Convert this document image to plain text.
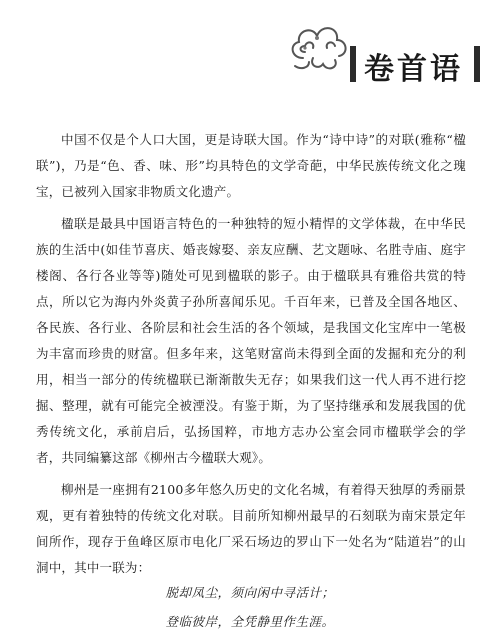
卷首语

中国不仅是个人口大国，更是诗联大国。作为“诗中诗”的对联(雅称“楹联”)，乃是“色、香、味、形”均具特色的文学奇葩，中华民族传统文化之瑰宝，已被列入国家非物质文化遗产。

楹联是最具中国语言特色的一种独特的短小精悍的文学体裁，在中华民族的生活中(如佳节喜庆、婚丧嫁娶、亲友应酬、艺文题咏、名胜寺庙、庭宇楼阁、各行各业等等)随处可见到楹联的影子。由于楹联具有雅俗共赏的特点，所以它为海内外炎黄子孙所喜闻乐见。千百年来，已普及全国各地区、各民族、各行业、各阶层和社会生活的各个领域，是我国文化宝库中一笔极为丰富而珍贵的财富。但多年来，这笔财富尚未得到全面的发掘和充分的利用，相当一部分的传统楹联已渐渐散失无存；如果我们这一代人再不进行挖掘、整理，就有可能完全被湮没。有鉴于斯，为了坚持继承和发展我国的优秀传统文化，承前启后，弘扬国粹，市地方志办公室会同市楹联学会的学者，共同编纂这部《柳州古今楹联大观》。

柳州是一座拥有2100多年悠久历史的文化名城，有着得天独厚的秀丽景观，更有着独特的传统文化对联。目前所知柳州最早的石刻联为南宋景定年间所作，现存于鱼峰区原市电化厂采石场边的罗山下一处名为“陆道岩”的山洞中，其中一联为：

脱却凤尘，须向闲中寻活计；
登临彼岸，全凭静里作生涯。
